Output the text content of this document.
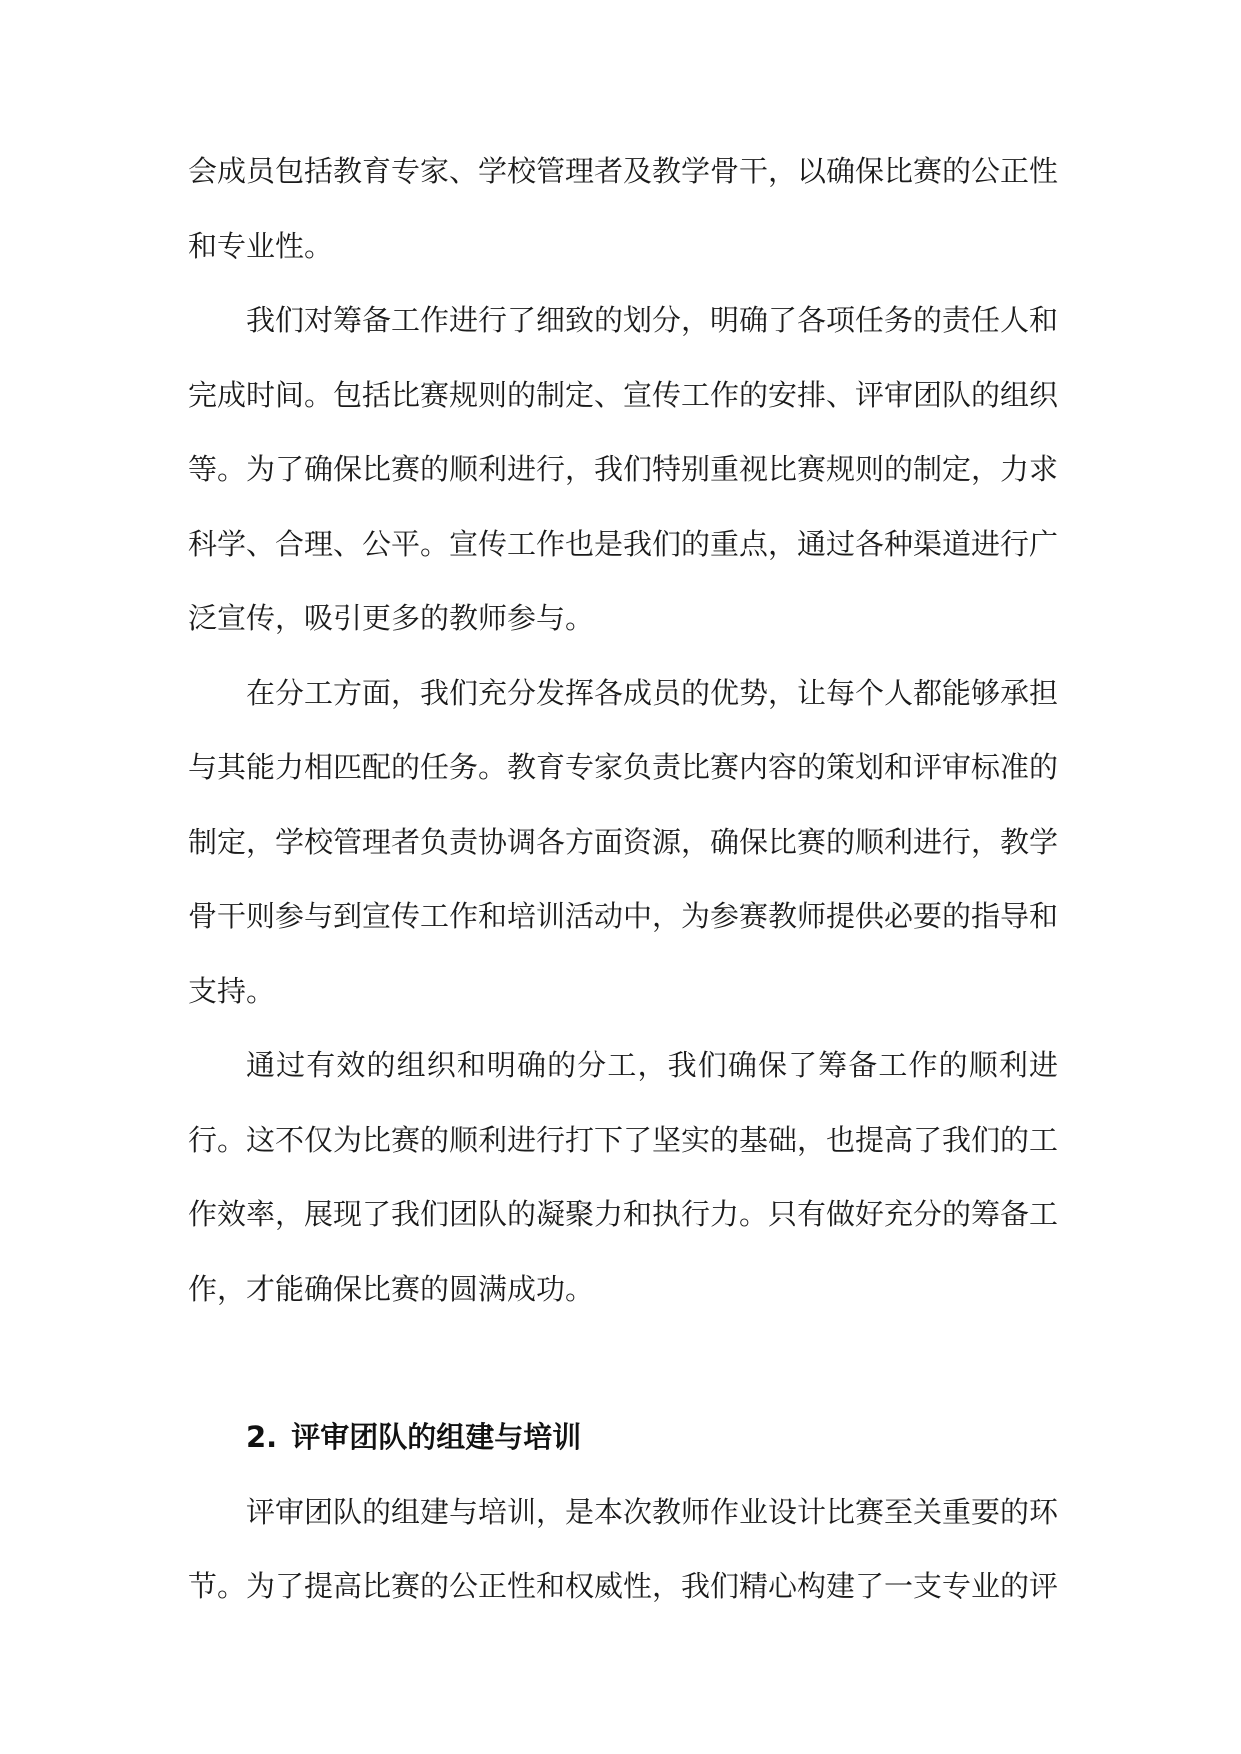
会成员包括教育专家、学校管理者及教学骨干，以确保比赛的公正性和专业性。

我们对筹备工作进行了细致的划分，明确了各项任务的责任人和完成时间。包括比赛规则的制定、宣传工作的安排、评审团队的组织等。为了确保比赛的顺利进行，我们特别重视比赛规则的制定，力求科学、合理、公平。宣传工作也是我们的重点，通过各种渠道进行广泛宣传，吸引更多的教师参与。

在分工方面，我们充分发挥各成员的优势，让每个人都能够承担与其能力相匹配的任务。教育专家负责比赛内容的策划和评审标准的制定，学校管理者负责协调各方面资源，确保比赛的顺利进行，教学骨干则参与到宣传工作和培训活动中，为参赛教师提供必要的指导和支持。

通过有效的组织和明确的分工，我们确保了筹备工作的顺利进行。这不仅为比赛的顺利进行打下了坚实的基础，也提高了我们的工作效率，展现了我们团队的凝聚力和执行力。只有做好充分的筹备工作，才能确保比赛的圆满成功。

2. 评审团队的组建与培训

评审团队的组建与培训，是本次教师作业设计比赛至关重要的环节。为了提高比赛的公正性和权威性，我们精心构建了一支专业的评
